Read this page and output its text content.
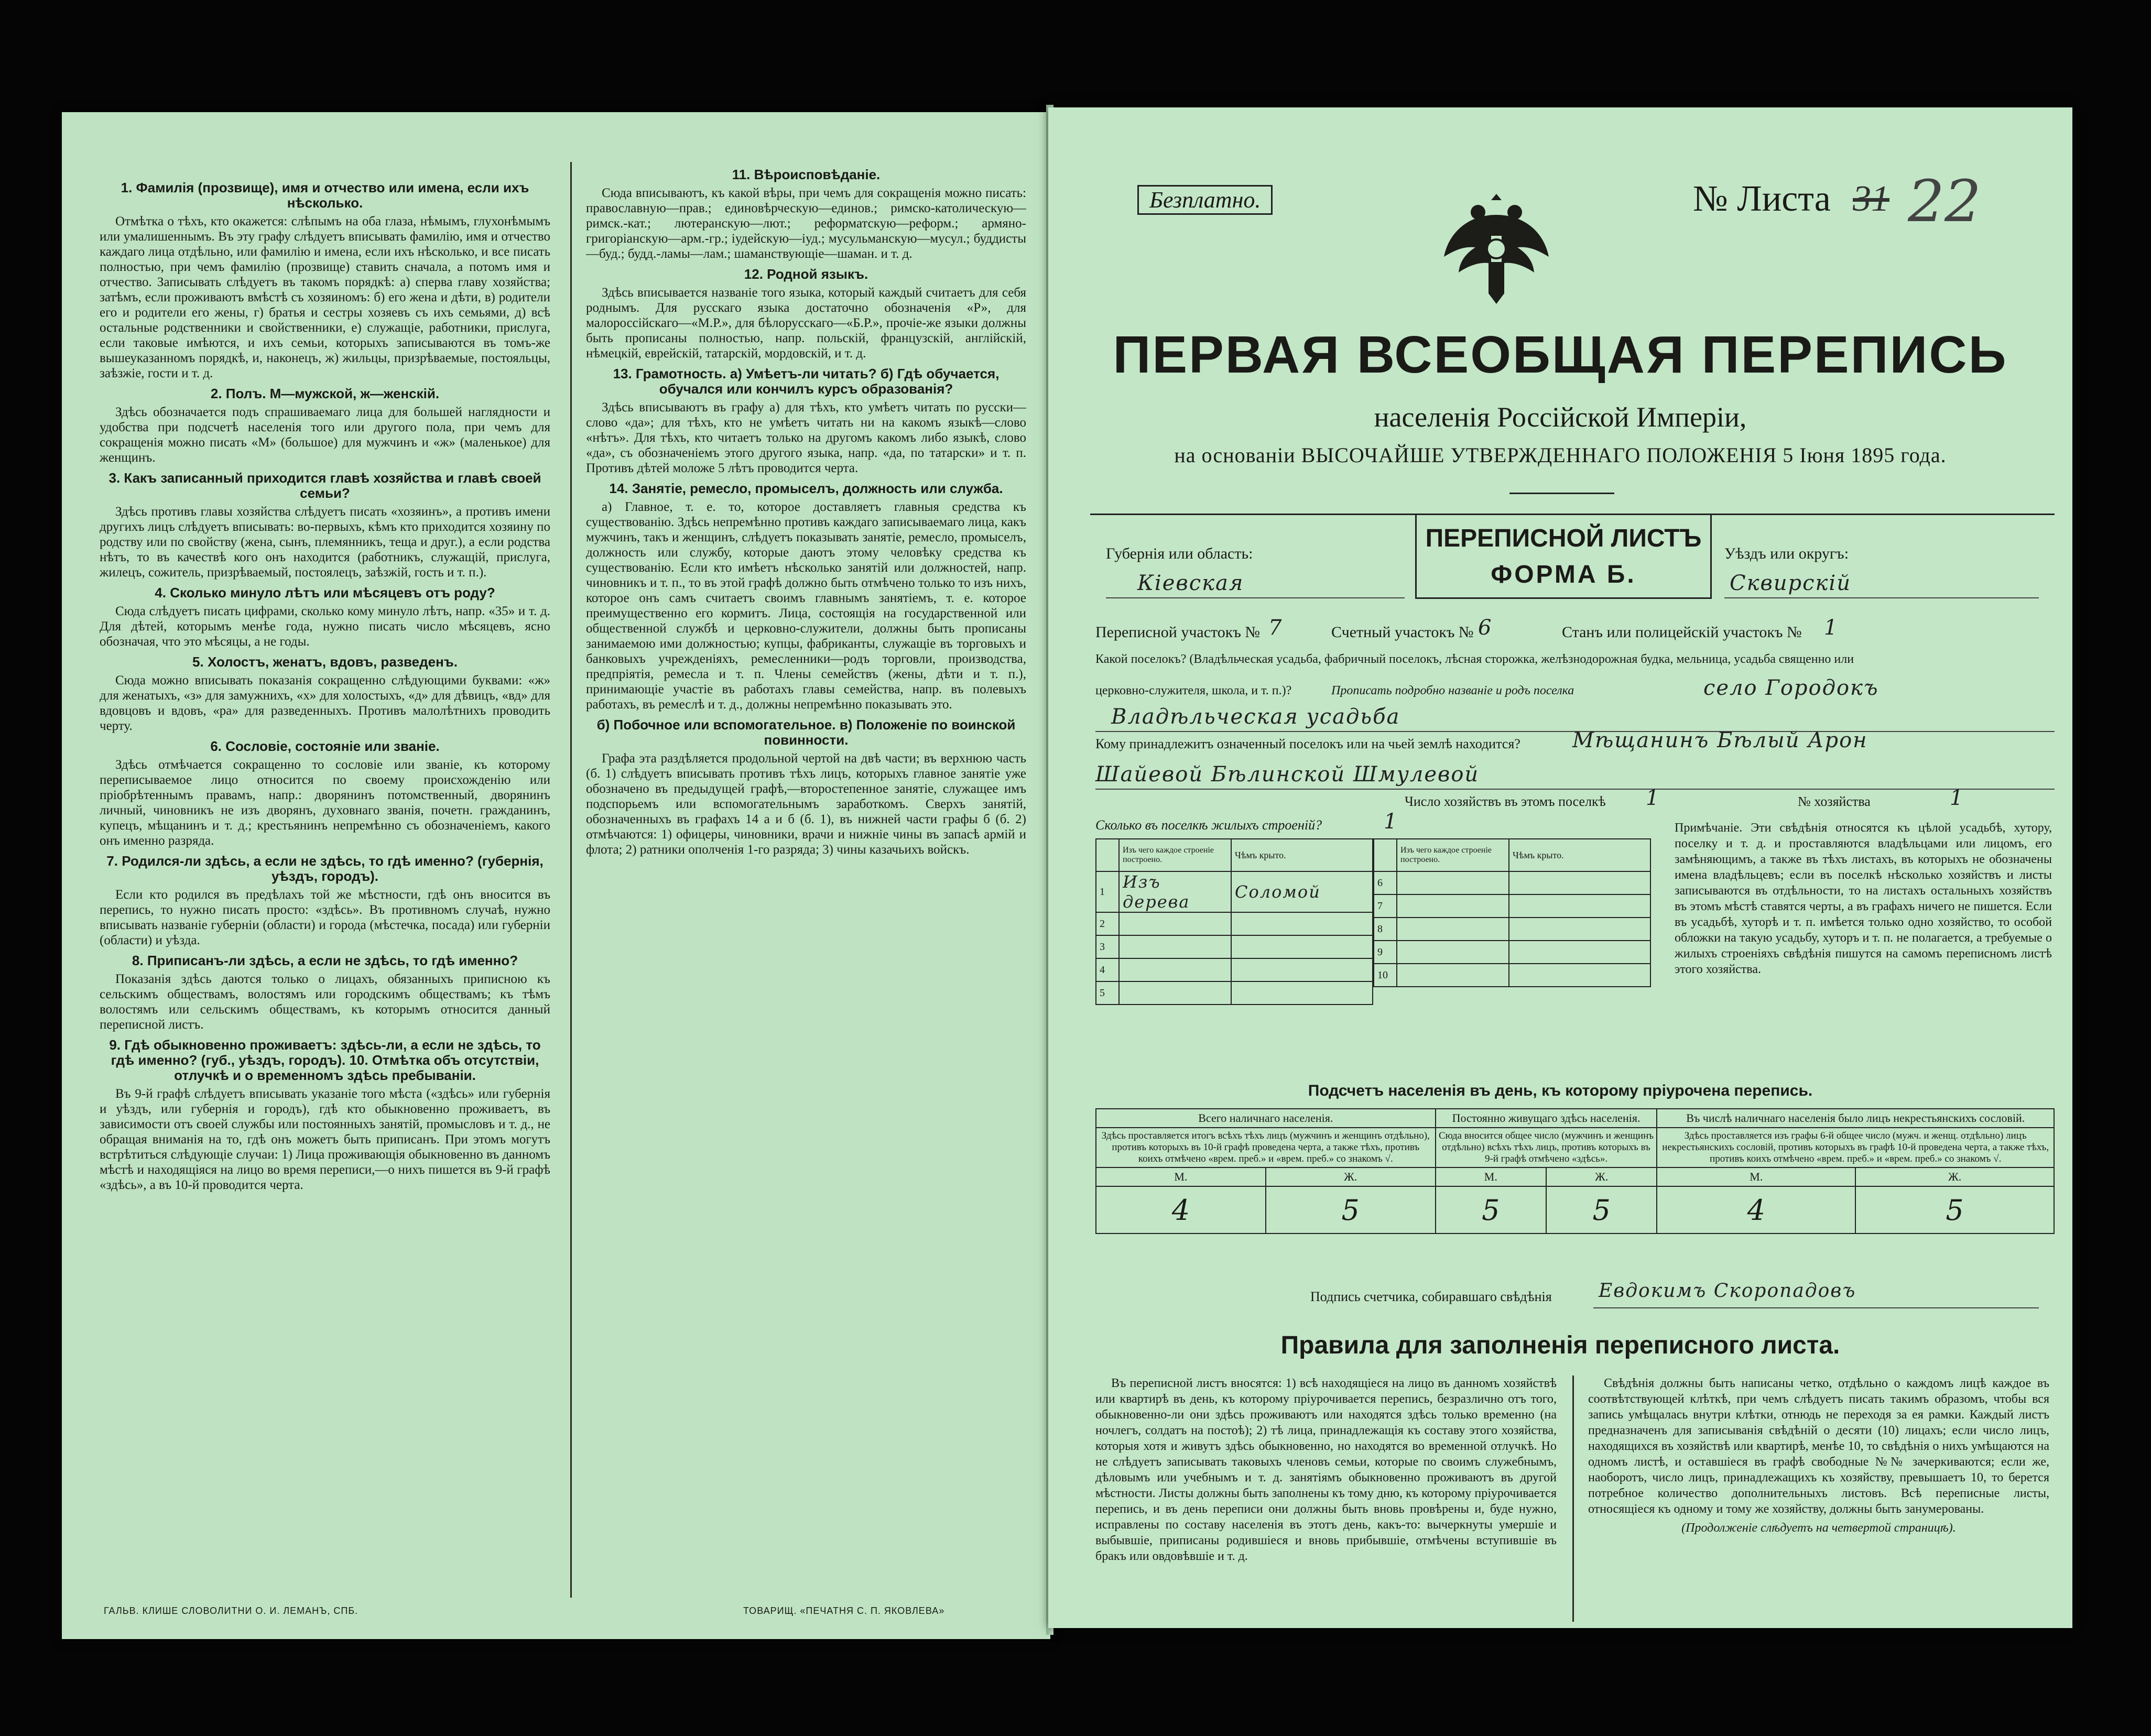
1. Фамилія (прозвище), имя и отчество или имена, если ихъ нѣсколько.

Отмѣтка о тѣхъ, кто окажется: слѣпымъ на оба глаза, нѣмымъ, глухонѣмымъ или умалишеннымъ. Въ эту графу слѣдуетъ вписывать фамилію, имя и отчество каждаго лица отдѣльно, или фамилію и имена, если ихъ нѣсколько, и все писать полностью, при чемъ фамилію (прозвище) ставить сначала, а потомъ имя и отчество. Записывать слѣдуетъ въ такомъ порядкѣ: а) сперва главу хозяйства; затѣмъ, если проживаютъ вмѣстѣ съ хозяиномъ: б) его жена и дѣти, в) родители его и родители его жены, г) братья и сестры хозяевъ съ ихъ семьями, д) всѣ остальные родственники и свойственники, е) служащіе, работники, прислуга, если таковые имѣются, и ихъ семьи, которыхъ записываются въ томъ-же вышеуказанномъ порядкѣ, и, наконецъ, ж) жильцы, призрѣваемые, постояльцы, заѣзжіе, гости и т. д.

2. Полъ. М—мужской, ж—женскій.

Здѣсь обозначается подъ спрашиваемаго лица для большей наглядности и удобства при подсчетѣ населенія того или другого пола, при чемъ для сокращенія можно писать «М» (большое) для мужчинъ и «ж» (маленькое) для женщинъ.

3. Какъ записанный приходится главѣ хозяйства и главѣ своей семьи?

Здѣсь противъ главы хозяйства слѣдуетъ писать «хозяинъ», а противъ имени другихъ лицъ слѣдуетъ вписывать: во-первыхъ, кѣмъ кто приходится хозяину по родству или по свойству (жена, сынъ, племянникъ, теща и друг.), а если родства нѣтъ, то въ качествѣ кого онъ находится (работникъ, служащій, прислуга, жилецъ, сожитель, призрѣваемый, постоялецъ, заѣзжій, гость и т. п.).

4. Сколько минуло лѣтъ или мѣсяцевъ отъ роду?

Сюда слѣдуетъ писать цифрами, сколько кому минуло лѣтъ, напр. «35» и т. д. Для дѣтей, которымъ менѣе года, нужно писать число мѣсяцевъ, ясно обозначая, что это мѣсяцы, а не годы.

5. Холостъ, женатъ, вдовъ, разведенъ.

Сюда можно вписывать показанія сокращенно слѣдующими буквами: «ж» для женатыхъ, «з» для замужнихъ, «х» для холостыхъ, «д» для дѣвицъ, «вд» для вдовцовъ и вдовъ, «ра» для разведенныхъ. Противъ малолѣтнихъ проводить черту.

6. Сословіе, состояніе или званіе.

Здѣсь отмѣчается сокращенно то сословіе или званіе, къ которому переписываемое лицо относится по своему происхожденію или пріобрѣтеннымъ правамъ, напр.: дворянинъ потомственный, дворянинъ личный, чиновникъ не изъ дворянъ, духовнаго званія, почетн. гражданинъ, купецъ, мѣщанинъ и т. д.; крестьянинъ непремѣнно съ обозначеніемъ, какого онъ именно разряда.

7. Родился-ли здѣсь, а если не здѣсь, то гдѣ именно? (губернія, уѣздъ, городъ).

Если кто родился въ предѣлахъ той же мѣстности, гдѣ онъ вносится въ перепись, то нужно писать просто: «здѣсь». Въ противномъ случаѣ, нужно вписывать названіе губерніи (области) и города (мѣстечка, посада) или губерніи (области) и уѣзда.

8. Приписанъ-ли здѣсь, а если не здѣсь, то гдѣ именно?

Показанія здѣсь даются только о лицахъ, обязанныхъ приписною къ сельскимъ обществамъ, волостямъ или городскимъ обществамъ; къ тѣмъ волостямъ или сельскимъ обществамъ, къ которымъ относится данный переписной листъ.

9. Гдѣ обыкновенно проживаетъ: здѣсь-ли, а если не здѣсь, то гдѣ именно? (губ., уѣздъ, городъ). 10. Отмѣтка объ отсутствіи, отлучкѣ и о временномъ здѣсь пребываніи.

Въ 9-й графѣ слѣдуетъ вписывать указаніе того мѣста («здѣсь» или губернія и уѣздъ, или губернія и городъ), гдѣ кто обыкновенно проживаетъ, въ зависимости отъ своей службы или постоянныхъ занятій, промысловъ и т. д., не обращая вниманія на то, гдѣ онъ можетъ быть приписанъ. При этомъ могутъ встрѣтиться слѣдующіе случаи: 1) Лица проживающія обыкновенно въ данномъ мѣстѣ и находящіяся на лицо во время переписи,—о нихъ пишется въ 9-й графѣ «здѣсь», а въ 10-й проводится черта.

11. Вѣроисповѣданіе.

Сюда вписываютъ, къ какой вѣры, при чемъ для сокращенія можно писать: православную—прав.; единовѣрческую—единов.; римско-католическую—римск.-кат.; лютеранскую—лют.; реформатскую—реформ.; армяно-григоріанскую—арм.-гр.; іудейскую—іуд.; мусульманскую—мусул.; буддисты—буд.; будд.-ламы—лам.; шаманствующіе—шаман. и т. д.

12. Родной языкъ.

Здѣсь вписывается названіе того языка, который каждый считаетъ для себя роднымъ. Для русскаго языка достаточно обозначенія «Р», для малороссійскаго—«М.Р.», для бѣлорусскаго—«Б.Р.», прочіе-же языки должны быть прописаны полностью, напр. польскій, французскій, англійскій, нѣмецкій, еврейскій, татарскій, мордовскій, и т. д.

13. Грамотность. а) Умѣетъ-ли читать? б) Гдѣ обучается, обучался или кончилъ курсъ образованія?

Здѣсь вписываютъ въ графу а) для тѣхъ, кто умѣетъ читать по русски—слово «да»; для тѣхъ, кто не умѣетъ читать ни на какомъ языкѣ—слово «нѣтъ». Для тѣхъ, кто читаетъ только на другомъ какомъ либо языкѣ, слово «да», съ обозначеніемъ этого другого языка, напр. «да, по татарски» и т. п. Противъ дѣтей моложе 5 лѣтъ проводится черта.

14. Занятіе, ремесло, промыселъ, должность или служба.

а) Главное, т. е. то, которое доставляетъ главныя средства къ существованію. Здѣсь непремѣнно противъ каждаго записываемаго лица, какъ мужчинъ, такъ и женщинъ, слѣдуетъ показывать занятіе, ремесло, промыселъ, должность или службу, которые даютъ этому человѣку средства къ существованію. Если кто имѣетъ нѣсколько занятій или должностей, напр. чиновникъ и т. п., то въ этой графѣ должно быть отмѣчено только то изъ нихъ, которое онъ самъ считаетъ своимъ главнымъ занятіемъ, т. е. которое преимущественно его кормитъ. Лица, состоящія на государственной или общественной службѣ и церковно-служители, должны быть прописаны занимаемою ими должностью; купцы, фабриканты, служащіе въ торговыхъ и банковыхъ учрежденіяхъ, ремесленники—родъ торговли, производства, предпріятія, ремесла и т. п. Члены семействъ (жены, дѣти и т. п.), принимающіе участіе въ работахъ главы семейства, напр. въ полевыхъ работахъ, въ ремеслѣ и т. д., должны непремѣнно показывать это.

б) Побочное или вспомогательное. в) Положеніе по воинской повинности.

Графа эта раздѣляется продольной чертой на двѣ части; въ верхнюю часть (б. 1) слѣдуетъ вписывать противъ тѣхъ лицъ, которыхъ главное занятіе уже обозначено въ предыдущей графѣ,—второстепенное занятіе, служащее имъ подспорьемъ или вспомогательнымъ заработкомъ. Сверхъ занятій, обозначенныхъ въ графахъ 14 а и б (б. 1), въ нижней части графы б (б. 2) отмѣчаются: 1) офицеры, чиновники, врачи и нижніе чины въ запасѣ армій и флота; 2) ратники ополченія 1-го разряда; 3) чины казачьихъ войскъ.

ГАЛЬВ. КЛИШЕ СЛОВОЛИТНИ О. И. ЛЕМАНЪ, СПБ.	ТОВАРИЩ. «ПЕЧАТНЯ С. П. ЯКОВЛЕВА»
Безплатно.	№ Листа 31 22
ПЕРВАЯ ВСЕОБЩАЯ ПЕРЕПИСЬ
населенія Россійской Имперіи,
на основаніи ВЫСОЧАЙШЕ УТВЕРЖДЕННАГО ПОЛОЖЕНІЯ 5 Іюня 1895 года.
ПЕРЕПИСНОЙ ЛИСТЪ
ФОРМА Б.
Губернія или область:
Кіевская
Уѣздъ или округъ:
Сквирскій
Переписной участокъ № 7	Счетный участокъ № 6	Станъ или полицейскій участокъ № 1
Какой поселокъ? (Владѣльческая усадьба, фабричный поселокъ, лѣсная сторожка, желѣзнодорожная будка, мельница, усадьба священно или
церковно-служителя, школа, и т. п.)?	Прописать подробно названіе и родъ поселка	село Городокъ
Владѣльческая усадьба
Кому принадлежитъ означенный поселокъ или на чьей землѣ находится? Мѣщанинъ Бѣлый Арон
Шайевой Бѣлинской Шмулевой
Число хозяйствъ въ этомъ поселкѣ 1	№ хозяйства	1
Сколько въ поселкѣ жилыхъ строеній?	1
	Изъ чего каждое строеніе построено.	Чѣмъ крыто.
1	Изъ дерева	Соломой
2		
3		
4		
5		
	Изъ чего каждое строеніе построено.	Чѣмъ крыто.
6		
7		
8		
9		
10		
Примѣчаніе. Эти свѣдѣнія относятся къ цѣлой усадьбѣ, хутору, поселку и т. д. и проставляются владѣльцами или лицомъ, его замѣняющимъ, а также въ тѣхъ листахъ, въ которыхъ не обозначены имена владѣльцевъ; если въ поселкѣ нѣсколько хозяйствъ и листы записываются въ отдѣльности, то на листахъ остальныхъ хозяйствъ въ этомъ мѣстѣ ставятся черты, а въ графахъ ничего не пишется. Если въ усадьбѣ, хуторѣ и т. п. имѣется только одно хозяйство, то особой обложки на такую усадьбу, хуторъ и т. п. не полагается, а требуемые о жилыхъ строеніяхъ свѣдѣнія пишутся на самомъ переписномъ листѣ этого хозяйства.
Подсчетъ населенія въ день, къ которому пріурочена перепись.
Всего наличнаго населенія.		Постоянно живущаго здѣсь населенія.		Въ числѣ наличнаго населенія было лицъ некрестьянскихъ сословій.	
Здѣсь проставляется итогъ всѣхъ тѣхъ лицъ (мужчинъ и женщинъ отдѣльно), противъ которыхъ въ 10-й графѣ проведена черта, а также тѣхъ, противъ коихъ отмѣчено «врем. преб.» и «врем. преб.» со знакомъ √.		Сюда вносится общее число (мужчинъ и женщинъ отдѣльно) всѣхъ тѣхъ лицъ, противъ которыхъ въ 9-й графѣ отмѣчено «здѣсь».		Здѣсь проставляется изъ графы 6-й общее число (мужч. и женщ. отдѣльно) лицъ некрестьянскихъ сословій, противъ которыхъ въ графѣ 10-й проведена черта, а также тѣхъ, противъ коихъ отмѣчено «врем. преб.» и «врем. преб.» со знакомъ √.	
М.	Ж.	М.	Ж.	М.	Ж.
4	5	5	5	4	5
Подпись счетчика, собиравшаго свѣдѣнія Евдокимъ Скоропадовъ
Правила для заполненія переписного листа.

Въ переписной листъ вносятся: 1) всѣ находящіеся на лицо въ данномъ хозяйствѣ или квартирѣ въ день, къ которому пріурочивается перепись, безразлично отъ того, обыкновенно-ли они здѣсь проживаютъ или находятся здѣсь только временно (на ночлегъ, солдатъ на постоѣ); 2) тѣ лица, принадлежащія къ составу этого хозяйства, которыя хотя и живутъ здѣсь обыкновенно, но находятся во временной отлучкѣ. Но не слѣдуетъ записывать таковыхъ членовъ семьи, которые по своимъ служебнымъ, дѣловымъ или учебнымъ и т. д. занятіямъ обыкновенно проживаютъ въ другой мѣстности. Листы должны быть заполнены къ тому дню, къ которому пріурочивается перепись, и въ день переписи они должны быть вновь провѣрены и, буде нужно, исправлены по составу населенія въ этотъ день, какъ-то: вычеркнуты умершіе и выбывшіе, приписаны родившіеся и вновь прибывшіе, отмѣчены вступившіе въ бракъ или овдовѣвшіе и т. д.

Свѣдѣнія должны быть написаны четко, отдѣльно о каждомъ лицѣ каждое въ соотвѣтствующей клѣткѣ, при чемъ слѣдуетъ писать такимъ образомъ, чтобы вся запись умѣщалась внутри клѣтки, отнюдь не переходя за ея рамки. Каждый листъ предназначенъ для записыванія свѣдѣній о десяти (10) лицахъ; если число лицъ, находящихся въ хозяйствѣ или квартирѣ, менѣе 10, то свѣдѣнія о нихъ умѣщаются на одномъ листѣ, и оставшіеся въ графѣ свободные №№ зачеркиваются; если же, наоборотъ, число лицъ, принадлежащихъ къ хозяйству, превышаетъ 10, то берется потребное количество дополнительныхъ листовъ. Всѣ переписные листы, относящіеся къ одному и тому же хозяйству, должны быть занумерованы.

(Продолженіе слѣдуетъ на четвертой страницѣ).
